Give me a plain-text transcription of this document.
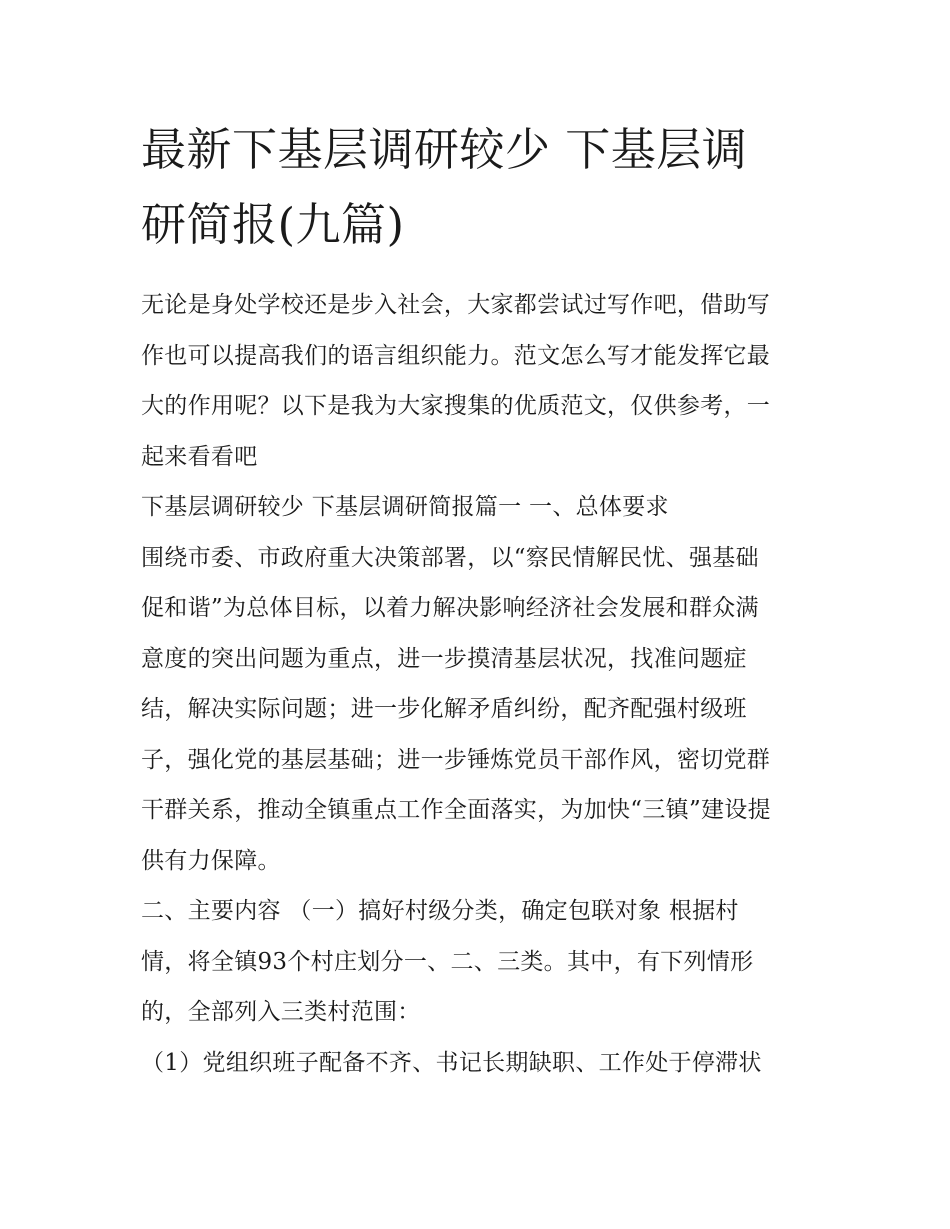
最新下基层调研较少 下基层调
研简报(九篇)
无论是身处学校还是步入社会，大家都尝试过写作吧，借助写
作也可以提高我们的语言组织能力。范文怎么写才能发挥它最
大的作用呢？以下是我为大家搜集的优质范文，仅供参考，一
起来看看吧
下基层调研较少 下基层调研简报篇一 一、总体要求
围绕市委、市政府重大决策部署，以“察民情解民忧、强基础
促和谐”为总体目标，以着力解决影响经济社会发展和群众满
意度的突出问题为重点，进一步摸清基层状况，找准问题症
结，解决实际问题；进一步化解矛盾纠纷，配齐配强村级班
子，强化党的基层基础；进一步锤炼党员干部作风，密切党群
干群关系，推动全镇重点工作全面落实，为加快“三镇”建设提
供有力保障。
二、主要内容 （一）搞好村级分类，确定包联对象 根据村
情，将全镇93个村庄划分一、二、三类。其中，有下列情形
的，全部列入三类村范围：
（1）党组织班子配备不齐、书记长期缺职、工作处于停滞状
